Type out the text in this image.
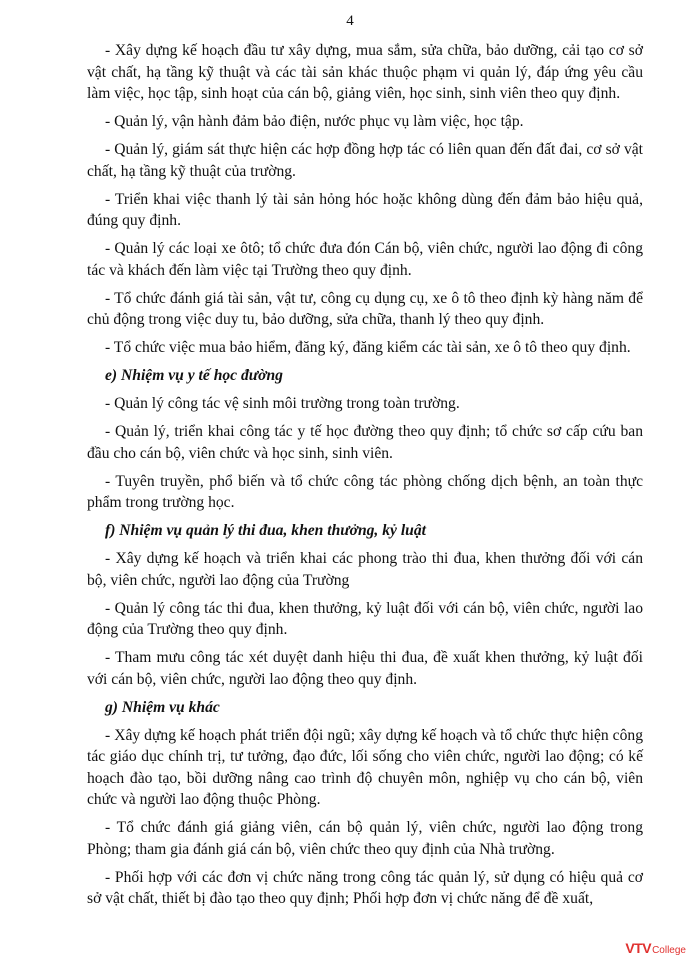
4

- Xây dựng kế hoạch đầu tư xây dựng, mua sắm, sửa chữa, bảo dưỡng, cải tạo cơ sở vật chất, hạ tầng kỹ thuật và các tài sản khác thuộc phạm vi quản lý, đáp ứng yêu cầu làm việc, học tập, sinh hoạt của cán bộ, giảng viên, học sinh, sinh viên theo quy định.

- Quản lý, vận hành đảm bảo điện, nước phục vụ làm việc, học tập.

- Quản lý, giám sát thực hiện các hợp đồng hợp tác có liên quan đến đất đai, cơ sở vật chất, hạ tầng kỹ thuật của trường.

- Triển khai việc thanh lý tài sản hỏng hóc hoặc không dùng đến đảm bảo hiệu quả, đúng quy định.

- Quản lý các loại xe ôtô; tổ chức đưa đón Cán bộ, viên chức, người lao động đi công tác và khách đến làm việc tại Trường theo quy định.

- Tổ chức đánh giá tài sản, vật tư, công cụ dụng cụ, xe ô tô theo định kỳ hàng năm để chủ động trong việc duy tu, bảo dưỡng, sửa chữa, thanh lý theo quy định.

- Tổ chức việc mua bảo hiểm, đăng ký, đăng kiểm các tài sản, xe ô tô theo quy định.

e) Nhiệm vụ y tế học đường

- Quản lý công tác vệ sinh môi trường trong toàn trường.

- Quản lý, triển khai công tác y tế học đường theo quy định; tổ chức sơ cấp cứu ban đầu cho cán bộ, viên chức và học sinh, sinh viên.

- Tuyên truyền, phổ biến và tổ chức công tác phòng chống dịch bệnh, an toàn thực phẩm trong trường học.

f) Nhiệm vụ quản lý thi đua, khen thưởng, kỷ luật

- Xây dựng kế hoạch và triển khai các phong trào thi đua, khen thưởng đối với cán bộ, viên chức, người lao động của Trường

- Quản lý công tác thi đua, khen thưởng, kỷ luật đối với cán bộ, viên chức, người lao động của Trường theo quy định.

- Tham mưu công tác xét duyệt danh hiệu thi đua, đề xuất khen thưởng, kỷ luật đối với cán bộ, viên chức, người lao động theo quy định.

g) Nhiệm vụ khác

- Xây dựng kế hoạch phát triển đội ngũ; xây dựng kế hoạch và tổ chức thực hiện công tác giáo dục chính trị, tư tưởng, đạo đức, lối sống cho viên chức, người lao động; có kế hoạch đào tạo, bồi dưỡng nâng cao trình độ chuyên môn, nghiệp vụ cho cán bộ, viên chức và người lao động thuộc Phòng.

- Tổ chức đánh giá giảng viên, cán bộ quản lý, viên chức, người lao động trong Phòng; tham gia đánh giá cán bộ, viên chức theo quy định của Nhà trường.

- Phối hợp với các đơn vị chức năng trong công tác quản lý, sử dụng có hiệu quả cơ sở vật chất, thiết bị đào tạo theo quy định; Phối hợp đơn vị chức năng để đề xuất,

VTV College
